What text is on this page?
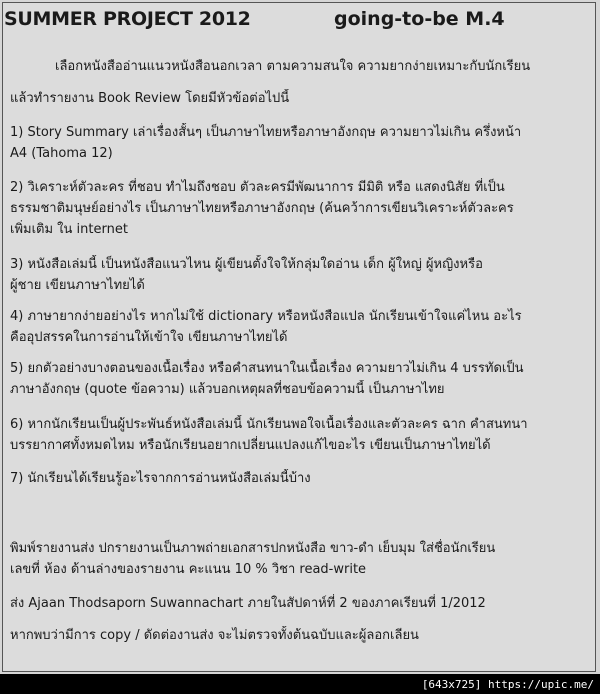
SUMMER PROJECT 2012	going-to-be M.4
เลือกหนังสืออ่านแนวหนังสือนอกเวลา ตามความสนใจ ความยากง่ายเหมาะกับนักเรียน
แล้วทำรายงาน Book Review โดยมีหัวข้อต่อไปนี้
1) Story Summary เล่าเรื่องสั้นๆ เป็นภาษาไทยหรือภาษาอังกฤษ ความยาวไม่เกิน ครึ่งหน้า
A4 (Tahoma 12)
2) วิเคราะห์ตัวละคร ที่ชอบ ทำไมถึงชอบ ตัวละครมีพัฒนาการ มีมิติ หรือ แสดงนิสัย ที่เป็น
ธรรมชาติมนุษย์อย่างไร เป็นภาษาไทยหรือภาษาอังกฤษ (ค้นคว้าการเขียนวิเคราะห์ตัวละคร
เพิ่มเติม ใน internet
3) หนังสือเล่มนี้ เป็นหนังสือแนวไหน ผู้เขียนตั้งใจให้กลุ่มใดอ่าน เด็ก ผู้ใหญ่ ผู้หญิงหรือ
ผู้ชาย เขียนภาษาไทยได้
4) ภาษายากง่ายอย่างไร หากไม่ใช้ dictionary หรือหนังสือแปล นักเรียนเข้าใจแค่ไหน อะไร
คืออุปสรรคในการอ่านให้เข้าใจ เขียนภาษาไทยได้
5) ยกตัวอย่างบางตอนของเนื้อเรื่อง หรือคำสนทนาในเนื้อเรื่อง ความยาวไม่เกิน 4 บรรทัดเป็น
ภาษาอังกฤษ (quote ข้อความ) แล้วบอกเหตุผลที่ชอบข้อความนี้ เป็นภาษาไทย
6) หากนักเรียนเป็นผู้ประพันธ์หนังสือเล่มนี้ นักเรียนพอใจเนื้อเรื่องและตัวละคร ฉาก คำสนทนา
บรรยากาศทั้งหมดไหม หรือนักเรียนอยากเปลี่ยนแปลงแก้ไขอะไร เขียนเป็นภาษาไทยได้
7) นักเรียนได้เรียนรู้อะไรจากการอ่านหนังสือเล่มนี้บ้าง
พิมพ์รายงานส่ง ปกรายงานเป็นภาพถ่ายเอกสารปกหนังสือ ขาว-ดำ เย็บมุม ใส่ชื่อนักเรียน
เลขที่ ห้อง ด้านล่างของรายงาน คะแนน 10 % วิชา read-write
ส่ง Ajaan Thodsaporn Suwannachart ภายในสัปดาห์ที่ 2 ของภาคเรียนที่ 1/2012
หากพบว่ามีการ copy / ดัดต่องานส่ง จะไม่ตรวจทั้งต้นฉบับและผู้ลอกเลียน
[643x725] https://upic.me/
